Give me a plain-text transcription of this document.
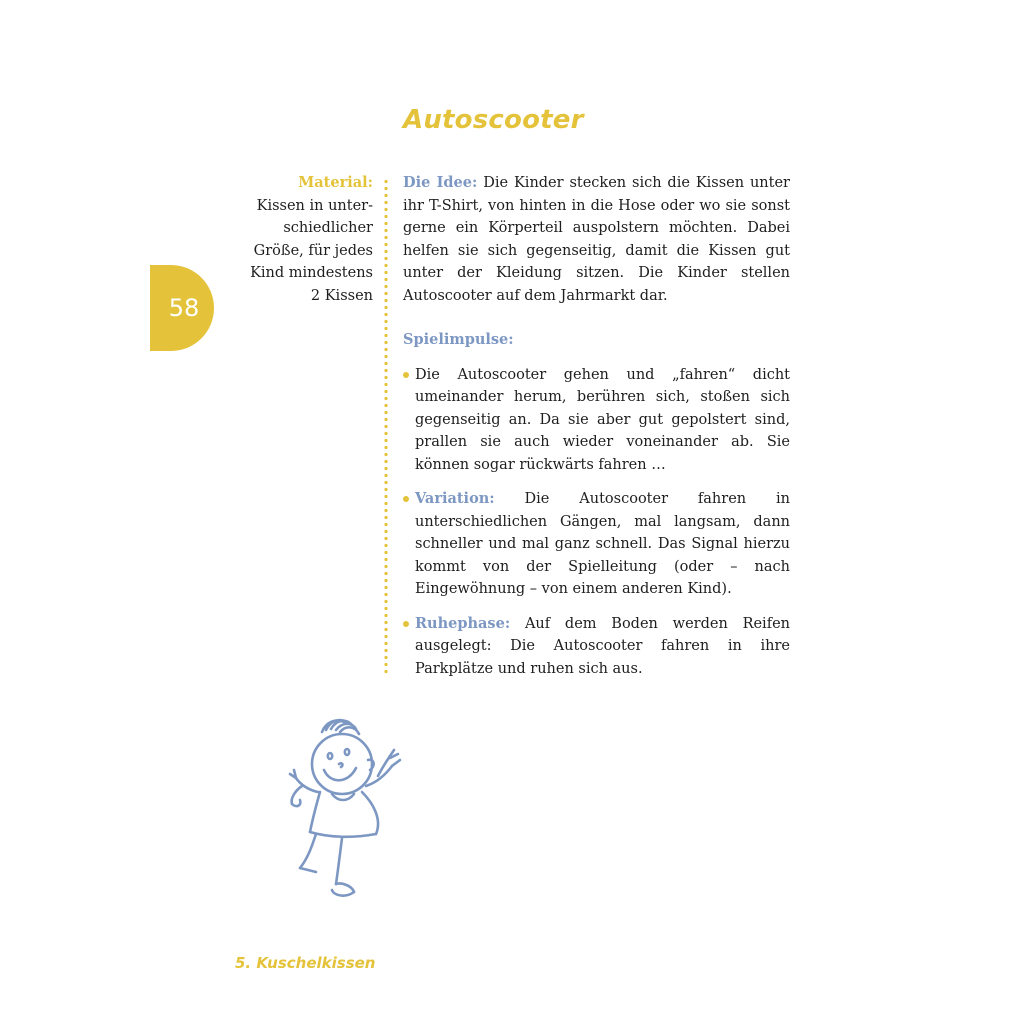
58
Autoscooter
Material:
Kissen in unter-
schiedlicher
Größe, für jedes
Kind mindestens
2 Kissen

Die Idee: Die Kinder stecken sich die Kissen unter ihr T-Shirt, von hinten in die Hose oder wo sie sonst gerne ein Körperteil auspolstern möchten. Dabei helfen sie sich gegenseitig, damit die Kissen gut unter der Kleidung sitzen. Die Kinder stellen Autoscooter auf dem Jahrmarkt dar.

Spielimpulse:

Die Autoscooter gehen und „fahren“ dicht umeinander herum, berühren sich, stoßen sich gegenseitig an. Da sie aber gut gepolstert sind, prallen sie auch wieder voneinander ab. Sie können sogar rückwärts fahren …
Variation: Die Autoscooter fahren in unterschiedlichen Gängen, mal langsam, dann schneller und mal ganz schnell. Das Signal hierzu kommt von der Spielleitung (oder – nach Eingewöhnung – von einem anderen Kind).
Ruhephase: Auf dem Boden werden Reifen ausgelegt: Die Autoscooter fahren in ihre Parkplätze und ruhen sich aus.
5. Kuschelkissen
